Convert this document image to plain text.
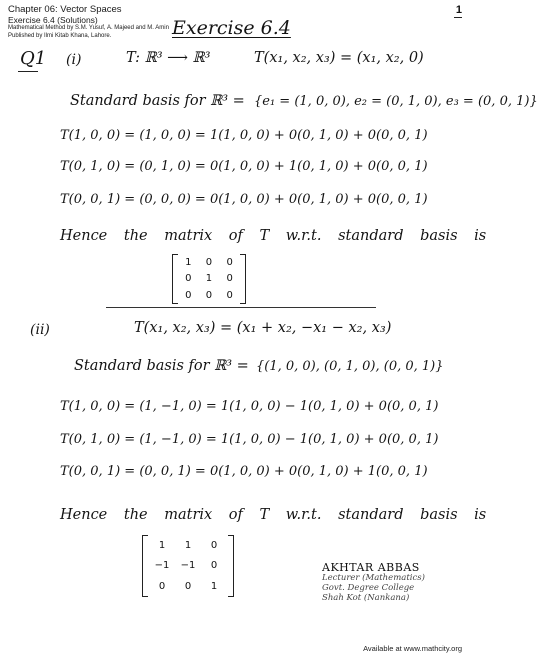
Chapter 06: Vector Spaces
Exercise 6.4 (Solutions)
Mathematical Method by S.M. Yusuf, A. Majeed and M. Amin
Published by Ilmi Kitab Khana, Lahore.
1
Exercise 6.4
Q1 (i)	T: ℝ³ ⟶ ℝ³	T(x₁, x₂, x₃) = (x₁, x₂, 0)
Standard basis for ℝ³ = {e₁ = (1, 0, 0), e₂ = (0, 1, 0), e₃ = (0, 0, 1)}
T(1, 0, 0) = (1, 0, 0) = 1(1, 0, 0) + 0(0, 1, 0) + 0(0, 0, 1)
T(0, 1, 0) = (0, 1, 0) = 0(1, 0, 0) + 1(0, 1, 0) + 0(0, 0, 1)
T(0, 0, 1) = (0, 0, 0) = 0(1, 0, 0) + 0(0, 1, 0) + 0(0, 0, 1)
Hence the matrix of T w.r.t. standard basis is
1	0	0
0	1	0
0	0	0
(ii)	T(x₁, x₂, x₃) = (x₁ + x₂, −x₁ − x₂, x₃)
Standard basis for ℝ³ = {(1, 0, 0), (0, 1, 0), (0, 0, 1)}
T(1, 0, 0) = (1, −1, 0) = 1(1, 0, 0) − 1(0, 1, 0) + 0(0, 0, 1)
T(0, 1, 0) = (1, −1, 0) = 1(1, 0, 0) − 1(0, 1, 0) + 0(0, 0, 1)
T(0, 0, 1) = (0, 0, 1) = 0(1, 0, 0) + 0(0, 1, 0) + 1(0, 0, 1)
Hence the matrix of T w.r.t. standard basis is
1	1	0
−1	−1	0
0	0	1
AKHTAR ABBAS
Lecturer (Mathematics)
Govt. Degree College
Shah Kot (Nankana)
Available at www.mathcity.org
